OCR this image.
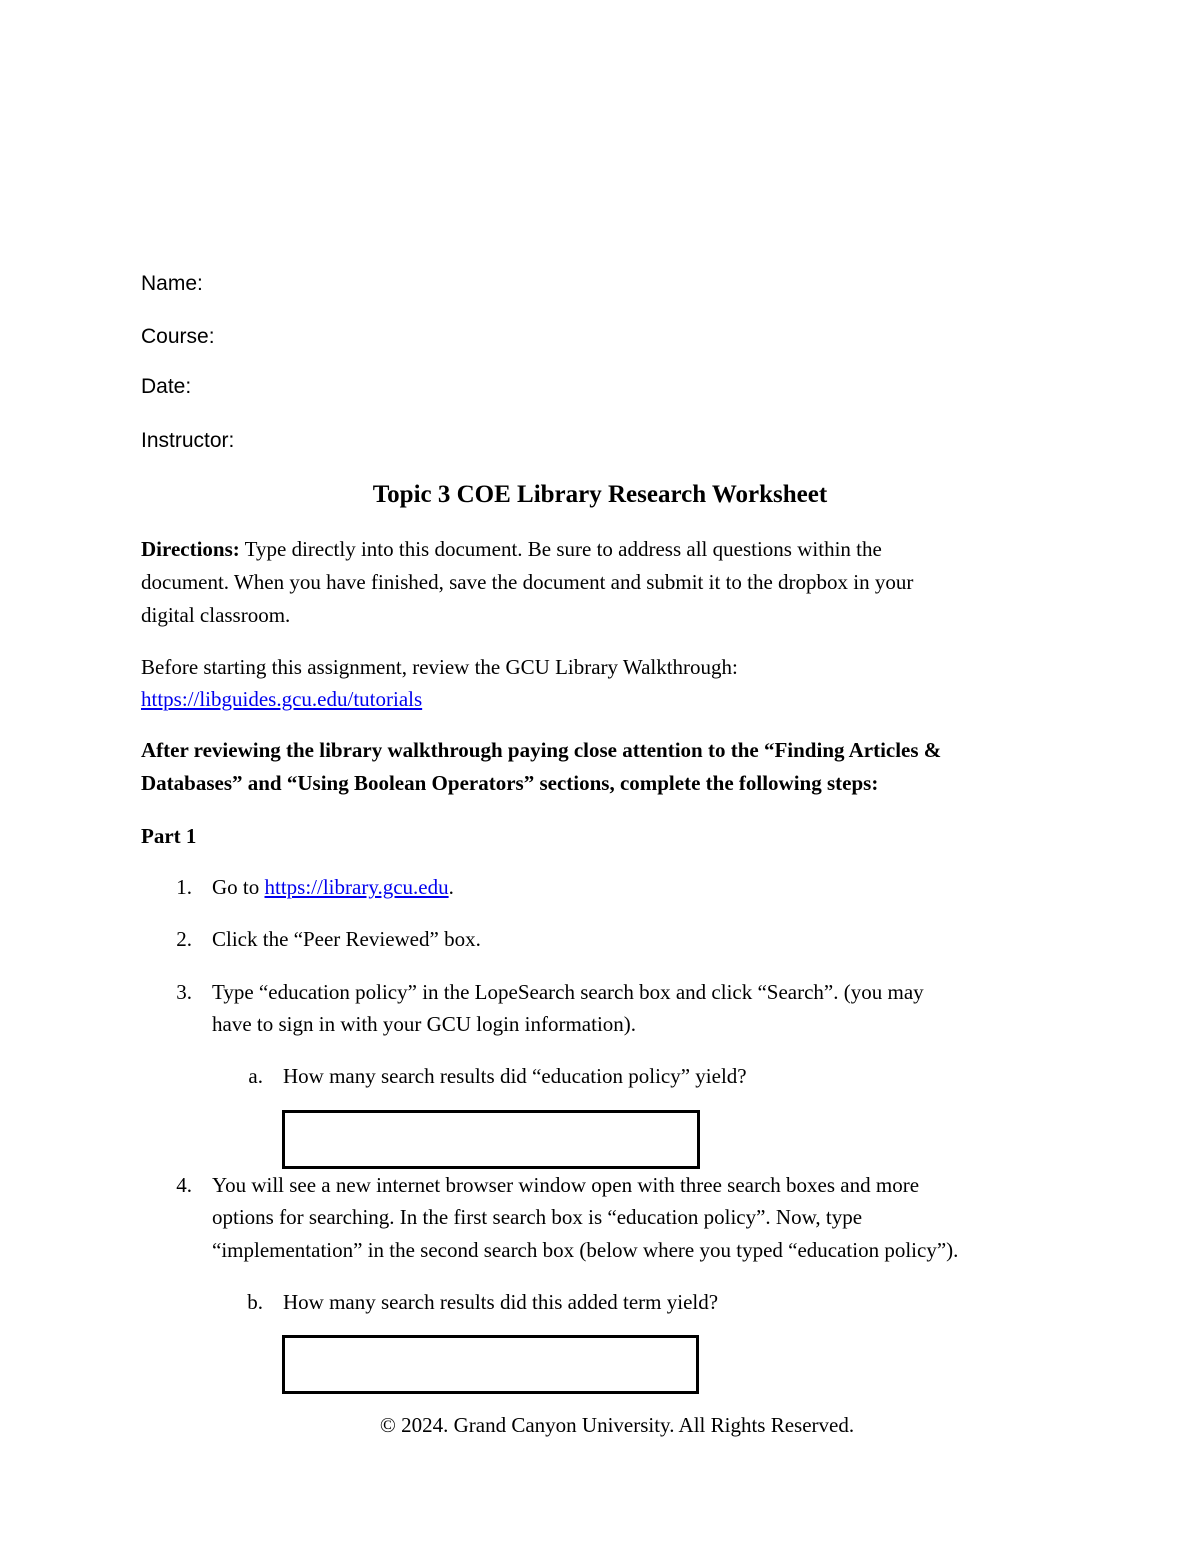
Name:
Course:
Date:
Instructor:
Topic 3 COE Library Research Worksheet
Directions: Type directly into this document. Be sure to address all questions within the
document. When you have finished, save the document and submit it to the dropbox in your
digital classroom.
Before starting this assignment, review the GCU Library Walkthrough:
https://libguides.gcu.edu/tutorials
After reviewing the library walkthrough paying close attention to the “Finding Articles &
Databases” and “Using Boolean Operators” sections, complete the following steps:
Part 1
1. Go to https://library.gcu.edu.
2. Click the “Peer Reviewed” box.
3. Type “education policy” in the LopeSearch search box and click “Search”. (you may
have to sign in with your GCU login information).
a. How many search results did “education policy” yield?
4. You will see a new internet browser window open with three search boxes and more
options for searching. In the first search box is “education policy”. Now, type
“implementation” in the second search box (below where you typed “education policy”).
b. How many search results did this added term yield?
© 2024. Grand Canyon University. All Rights Reserved.
